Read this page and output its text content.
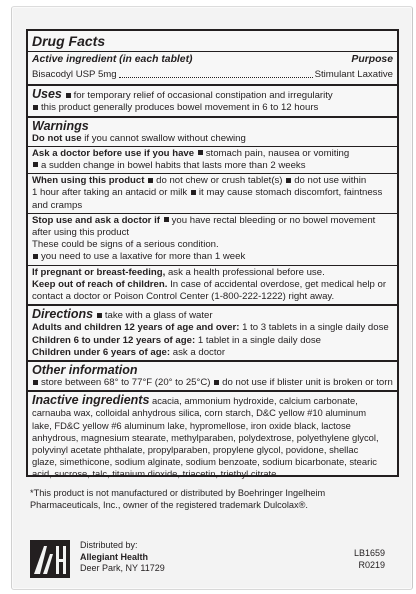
Drug Facts
Active ingredient (in each tablet)	Purpose
Bisacodyl USP 5mg	Stimulant Laxative
Uses for temporary relief of occasional constipation and irregularity
this product generally produces bowel movement in 6 to 12 hours
Warnings
Do not use if you cannot swallow without chewing
Ask a doctor before use if you have stomach pain, nausea or vomiting
a sudden change in bowel habits that lasts more than 2 weeks
When using this product do not chew or crush tablet(s) do not use within
1 hour after taking an antacid or milk it may cause stomach discomfort, faintness
and cramps
Stop use and ask a doctor if you have rectal bleeding or no bowel movement
after using this product
These could be signs of a serious condition.
you need to use a laxative for more than 1 week
If pregnant or breast-feeding, ask a health professional before use.
Keep out of reach of children. In case of accidental overdose, get medical help or
contact a doctor or Poison Control Center (1-800-222-1222) right away.
Directions take with a glass of water
Adults and children 12 years of age and over: 1 to 3 tablets in a single daily dose
Children 6 to under 12 years of age: 1 tablet in a single daily dose
Children under 6 years of age: ask a doctor
Other information
store between 68° to 77°F (20° to 25°C) do not use if blister unit is broken or torn
Inactive ingredients acacia, ammonium hydroxide, calcium carbonate,
carnauba wax, colloidal anhydrous silica, corn starch, D&C yellow #10 aluminum
lake, FD&C yellow #6 aluminum lake, hypromellose, iron oxide black, lactose
anhydrous, magnesium stearate, methylparaben, polydextrose, polyethylene glycol,
polyvinyl acetate phthalate, propylparaben, propylene glycol, povidone, shellac
glaze, simethicone, sodium alginate, sodium benzoate, sodium bicarbonate, stearic
acid, sucrose, talc, titanium dioxide, triacetin, triethyl citrate
*This product is not manufactured or distributed by Boehringer Ingelheim
Pharmaceuticals, Inc., owner of the registered trademark Dulcolax®.
Distributed by:
Allegiant Health
Deer Park, NY 11729
LB1659
R0219
